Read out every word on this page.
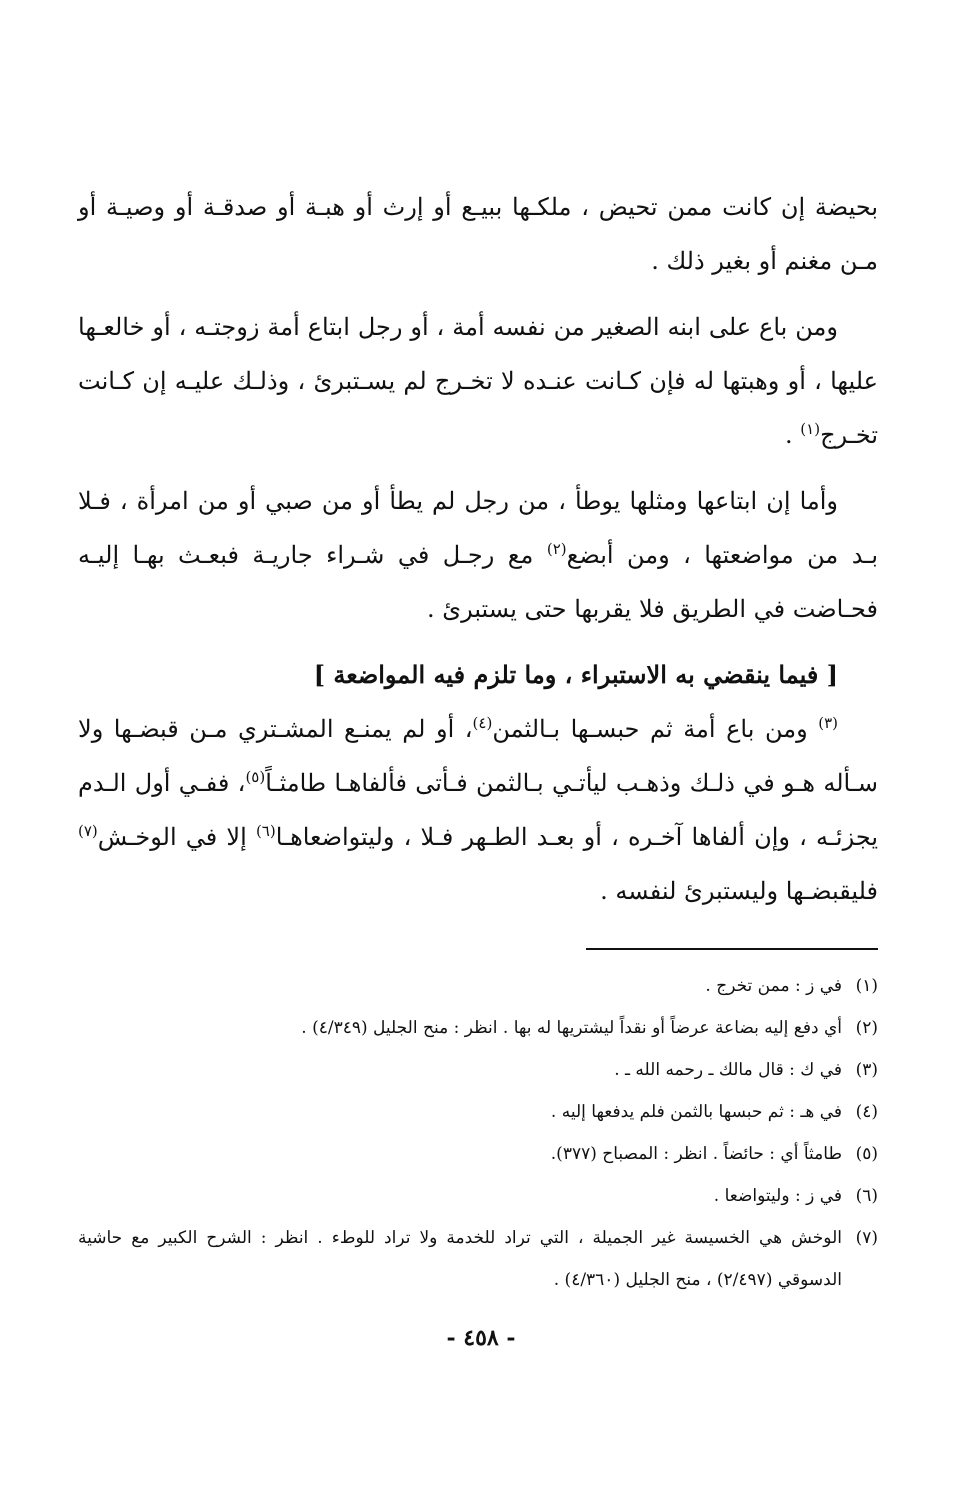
بحيضة إن كانت ممن تحيض ، ملكـها ببيـع أو إرث أو هبـة أو صدقـة أو وصيـة أو مـن مغنم أو بغير ذلك .

ومن باع على ابنه الصغير من نفسه أمة ، أو رجل ابتاع أمة زوجتـه ، أو خالعـها عليها ، أو وهبتها له فإن كـانت عنـده لا تخـرج لم يسـتبرئ ، وذلـك عليـه إن كـانت تخـرج$^{(١)}$ .

وأما إن ابتاعها ومثلها يوطأ ، من رجل لم يطأ أو من صبي أو من امرأة ، فـلا بـد من مواضعتها ، ومن أبضع$^{(٢)}$ مع رجـل في شـراء جاريـة فبعـث بهـا إليـه فحـاضت في الطريق فلا يقربها حتى يستبرئ .

[ فيما ينقضي به الاستبراء ، وما تلزم فيه المواضعة ]

$^{(٣)}$ ومن باع أمة ثم حبسـها بـالثمن$^{(٤)}$، أو لم يمنـع المشـتري مـن قبضـها ولا سـأله هـو في ذلـك وذهـب ليأتـي بـالثمن فـأتى فألفاهـا طامثـاً$^{(٥)}$، ففـي أول الـدم يجزئـه ، وإن ألفاها آخـره ، أو بعـد الطـهر فـلا ، وليتواضعاهـا$^{(٦)}$ إلا في الوخـش$^{(٧)}$ فليقبضـها وليستبرئ لنفسه .

(١)
في ز : ممن تخرج .
(٢)
أي دفع إليه بضاعة عرضاً أو نقداً ليشتريها له بها . انظر : منح الجليل (٤/٣٤٩) .
(٣)
في ك : قال مالك ـ رحمه الله ـ .
(٤)
في هـ : ثم حبسها بالثمن فلم يدفعها إليه .
(٥)
طامثاً أي : حائضاً . انظر : المصباح (٣٧٧).
(٦)
في ز : وليتواضعا .
(٧)
الوخش هي الخسيسة غير الجميلة ، التي تراد للخدمة ولا تراد للوطء . انظر : الشرح الكبير مع حاشية الدسوقي (٢/٤٩٧) ، منح الجليل (٤/٣٦٠) .
- ٤٥٨ -
